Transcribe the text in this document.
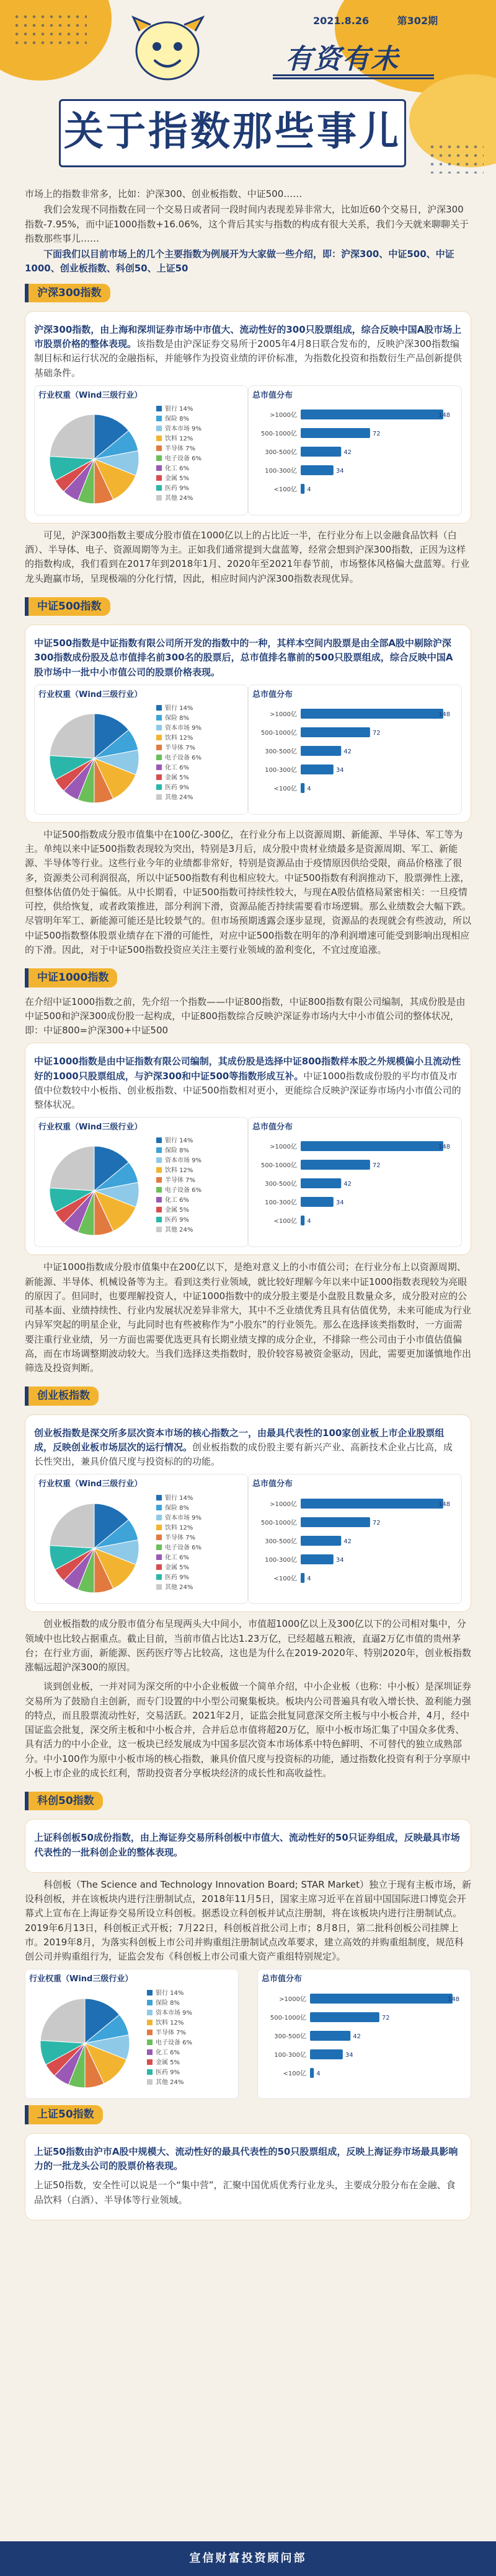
2021.8.26	第302期
有资有未
关于指数那些事儿

市场上的指数非常多，比如：沪深300、创业板指数、中证500……

我们会发现不同指数在同一个交易日或者同一段时间内表现差异非常大，比如近60个交易日，沪深300指数-7.95%，而中证1000指数+16.06%，这个背后其实与指数的构成有很大关系，我们今天就来聊聊关于指数那些事儿……

下面我们以目前市场上的几个主要指数为例展开为大家做一些介绍，即：沪深300、中证500、中证1000、创业板指数、科创50、上证50

沪深300指数

沪深300指数，由上海和深圳证券市场中市值大、流动性好的300只股票组成，综合反映中国A股市场上市股票价格的整体表现。该指数是由沪深证券交易所于2005年4月8日联合发布的，反映沪深300指数编制目标和运行状况的金融指标，并能够作为投资业绩的评价标准，为指数化投资和指数衍生产品创新提供基础条件。

行业权重（Wind三级行业）
银行 14%
保险 8%
资本市场 9%
饮料 12%
半导体 7%
电子设备 6%
化工 6%
金属 5%
医药 9%
其他 24%
总市值分布
>1000亿	148
500-1000亿	72
300-500亿	42
100-300亿	34
<100亿 4

可见，沪深300指数主要成分股市值在1000亿以上的占比近一半，在行业分布上以金融食品饮料（白酒）、半导体、电子、资源周期等为主。正如我们通常提到大盘蓝筹，经常会想到沪深300指数，正因为这样的指数构成，我们看到在2017年到2018年1月、2020年至2021年春节前，市场整体风格偏大盘蓝筹。行业龙头跑赢市场，呈现极端的分化行情，因此，相应时间内沪深300指数表现优异。

中证500指数

中证500指数是中证指数有限公司所开发的指数中的一种，其样本空间内股票是由全部A股中剔除沪深300指数成份股及总市值排名前300名的股票后，总市值排名靠前的500只股票组成，综合反映中国A股市场中一批中小市值公司的股票价格表现。

行业权重（Wind三级行业）
银行 14%
保险 8%
资本市场 9%
饮料 12%
半导体 7%
电子设备 6%
化工 6%
金属 5%
医药 9%
其他 24%
总市值分布
>1000亿	148
500-1000亿	72
300-500亿	42
100-300亿	34
<100亿 4

中证500指数成分股市值集中在100亿-300亿，在行业分布上以资源周期、新能源、半导体、军工等为主。单纯以来中证500指数表现较为突出，特别是3月后，成分股中贵材业绩最多是资源周期、军工、新能源、半导体等行业。这些行业今年的业绩都非常好，特别是资源品由于疫情原因供给受限，商品价格涨了很多，资源类公司利润很高，所以中证500指数有利也相应较大。中证500指数有利润推动下，股票弹性上涨，但整体估值仍处于偏低。从中长期看，中证500指数可持续性较大，与现在A股估值格局紧密相关：一旦疫情可控，供给恢复，或者政策推进，部分利润下滑，资源品能否持续需要看市场逻辑。那么业绩数会大幅下跌。尽管明年军工、新能源可能还是比较景气的。但市场预期透露会逐步显现，资源品的表现就会有些波动，所以中证500指数整体股票业绩存在下滑的可能性，对应中证500指数在明年的净利润增速可能受到影响出现相应的下滑。因此，对于中证500指数投资应关注主要行业领域的盈利变化，不宜过度追涨。

中证1000指数

在介绍中证1000指数之前，先介绍一个指数——中证800指数，中证800指数有限公司编制，其成份股是由中证500和沪深300成份股一起构成，中证800指数综合反映沪深证券市场内大中小市值公司的整体状况，即：中证800=沪深300+中证500

中证1000指数是由中证指数有限公司编制，其成份股是选择中证800指数样本股之外规模偏小且流动性好的1000只股票组成，与沪深300和中证500等指数形成互补。中证1000指数成份股的平均市值及市值中位数较中小板指、创业板指数、中证500指数相对更小，更能综合反映沪深证券市场内小市值公司的整体状况。

行业权重（Wind三级行业）
银行 14%
保险 8%
资本市场 9%
饮料 12%
半导体 7%
电子设备 6%
化工 6%
金属 5%
医药 9%
其他 24%
总市值分布
>1000亿	148
500-1000亿	72
300-500亿	42
100-300亿	34
<100亿 4

中证1000指数成分股市值集中在200亿以下，是绝对意义上的小市值公司；在行业分布上以资源周期、新能源、半导体、机械设备等为主。看到这类行业领域，就比较好理解今年以来中证1000指数表现较为亮眼的原因了。但同时，也要理解投资人，中证1000指数中的成分股主要是小盘股且数量众多，成分股对应的公司基本面、业绩持续性、行业内发展状况差异非常大，其中不乏业绩优秀且具有估值优势，未来可能成为行业内异军突起的明星企业，与此同时也有些被称作为“小股东”的行业领先。那么在选择该类指数时，一方面需要注重行业业绩，另一方面也需要优选更具有长期业绩支撑的成分企业，不排除一些公司由于小市值估值偏高，而在市场调整期波动较大。当我们选择这类指数时，股价较容易被资金驱动，因此，需要更加谨慎地作出筛选及投资判断。

创业板指数

创业板指数是深交所多层次资本市场的核心指数之一，由最具代表性的100家创业板上市企业股票组成，反映创业板市场层次的运行情况。创业板指数的成份股主要有新兴产业、高新技术企业占比高，成长性突出，兼具价值尺度与投资标的的功能。

行业权重（Wind三级行业）
银行 14%
保险 8%
资本市场 9%
饮料 12%
半导体 7%
电子设备 6%
化工 6%
金属 5%
医药 9%
其他 24%
总市值分布
>1000亿	148
500-1000亿	72
300-500亿	42
100-300亿	34
<100亿 4

创业板指数的成分股市值分布呈现两头大中间小，市值超1000亿以上及300亿以下的公司相对集中，分领域中也比较占据重点。截止目前，当前市值占比达1.23万亿，已经超越五粮液，直逼2万亿市值的贵州茅台；在行业方面，新能源、医药医疗等占比较高，这也是为什么在2019-2020年、特别2020年，创业板指数涨幅远超沪深300的原因。

谈到创业板，一并对同为深交所的中小企业板做一个简单介绍，中小企业板（也称：中小板）是深圳证券交易所为了鼓励自主创新，而专门设置的中小型公司聚集板块。板块内公司普遍具有收入增长快、盈利能力强的特点，而且股票流动性好，交易活跃。2021年2月，证监会批复同意深交所主板与中小板合并，4月，经中国证监会批复，深交所主板和中小板合并，合并后总市值将超20万亿，原中小板市场汇集了中国众多优秀、具有活力的中小企业，这一板块已经发展成为中国多层次资本市场体系中特色鲜明、不可替代的独立成熟部分。中小100作为原中小板市场的核心指数，兼具价值尺度与投资标的功能，通过指数化投资有利于分享原中小板上市企业的成长红利，帮助投资者分享板块经济的成长性和高收益性。

科创50指数

上证科创板50成份指数，由上海证券交易所科创板中市值大、流动性好的50只证券组成，反映最具市场代表性的一批科创企业的整体表现。

科创板（The Science and Technology Innovation Board; STAR Market）独立于现有主板市场，新设科创板，并在该板块内进行注册制试点，2018年11月5日，国家主席习近平在首届中国国际进口博览会开幕式上宣布在上海证券交易所设立科创板。据悉设立科创板并试点注册制，将在该板块内进行注册制试点。2019年6月13日，科创板正式开板；7月22日，科创板首批公司上市；8月8日，第二批科创板公司挂牌上市。2019年8月，为落实科创板上市公司并购重组注册制试点改革要求，建立高效的并购重组制度，规范科创公司并购重组行为，证监会发布《科创板上市公司重大资产重组特别规定》。

行业权重（Wind三级行业）
银行 14%
保险 8%
资本市场 9%
饮料 12%
半导体 7%
电子设备 6%
化工 6%
金属 5%
医药 9%
其他 24%
总市值分布
>1000亿	148
500-1000亿	72
300-500亿	42
100-300亿	34
<100亿 4
上证50指数

上证50指数由沪市A股中规模大、流动性好的最具代表性的50只股票组成，反映上海证券市场最具影响力的一批龙头公司的股票价格表现。

上证50指数，安全性可以说是一个“集中营”，汇聚中国优质优秀行业龙头，主要成分股分布在金融、食品饮料（白酒）、半导体等行业领域。

宣信财富投资顾问部
